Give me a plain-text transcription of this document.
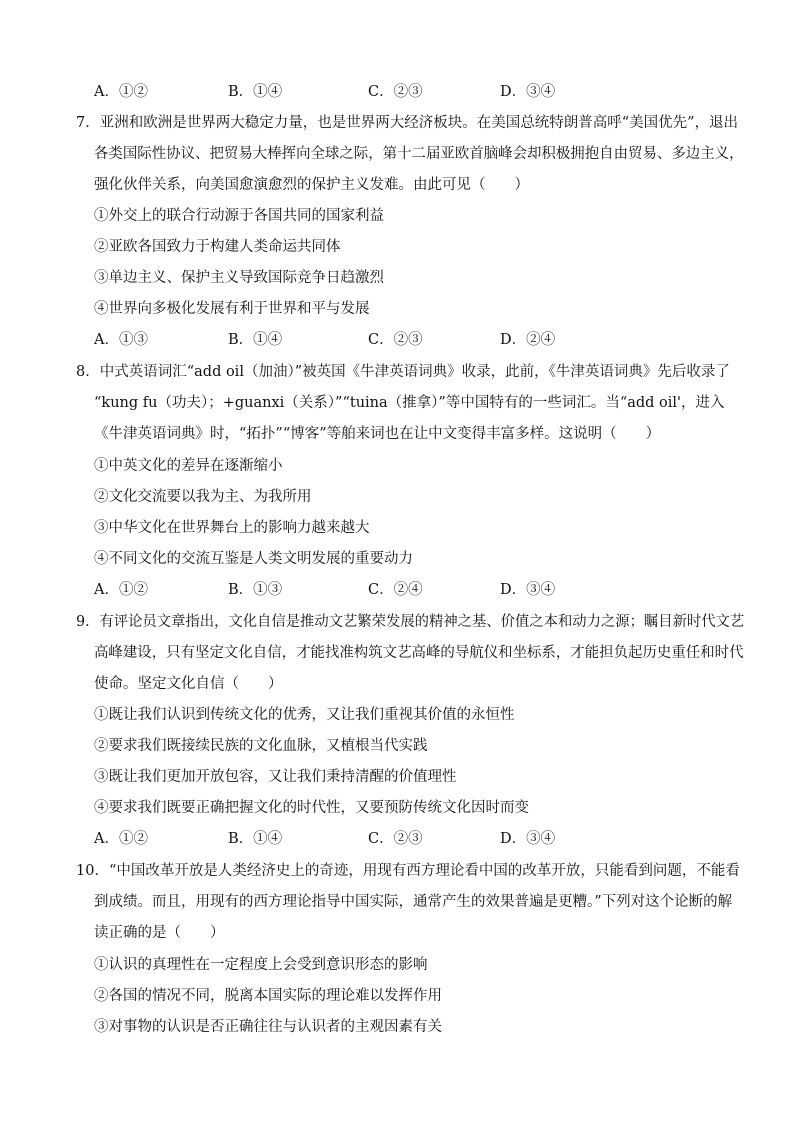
A．①②	B．①④	C．②③	D．③④
7．亚洲和欧洲是世界两大稳定力量，也是世界两大经济板块。在美国总统特朗普高呼“美国优先”，退出
各类国际性协议、把贸易大棒挥向全球之际，第十二届亚欧首脑峰会却积极拥抱自由贸易、多边主义，
强化伙伴关系，向美国愈演愈烈的保护主义发难。由此可见（　　）
①外交上的联合行动源于各国共同的国家利益
②亚欧各国致力于构建人类命运共同体
③单边主义、保护主义导致国际竞争日趋激烈
④世界向多极化发展有利于世界和平与发展
A．①③	B．①④	C．②③	D．②④
8．中式英语词汇“add oil（加油）”被英国《牛津英语词典》收录，此前，《牛津英语词典》先后收录了
“kung fu（功夫）；+guanxi（关系）”“tuina（推拿）”等中国特有的一些词汇。当“add oil'，进入
《牛津英语词典》时，“拓扑”“博客”等舶来词也在让中文变得丰富多样。这说明（　　）
①中英文化的差异在逐渐缩小
②文化交流要以我为主、为我所用
③中华文化在世界舞台上的影响力越来越大
④不同文化的交流互鉴是人类文明发展的重要动力
A．①②	B．①③	C．②④	D．③④
9．有评论员文章指出，文化自信是推动文艺繁荣发展的精神之基、价值之本和动力之源；瞩目新时代文艺
高峰建设，只有坚定文化自信，才能找准构筑文艺高峰的导航仪和坐标系，才能担负起历史重任和时代
使命。坚定文化自信（　　）
①既让我们认识到传统文化的优秀，又让我们重视其价值的永恒性
②要求我们既接续民族的文化血脉，又植根当代实践
③既让我们更加开放包容，又让我们秉持清醒的价值理性
④要求我们既要正确把握文化的时代性，又要预防传统文化因时而变
A．①②	B．①④	C．②③	D．③④
10．“中国改革开放是人类经济史上的奇迹，用现有西方理论看中国的改革开放，只能看到问题，不能看
到成绩。而且，用现有的西方理论指导中国实际，通常产生的效果普遍是更糟。”下列对这个论断的解
读正确的是（　　）
①认识的真理性在一定程度上会受到意识形态的影响
②各国的情况不同，脱离本国实际的理论难以发挥作用
③对事物的认识是否正确往往与认识者的主观因素有关
